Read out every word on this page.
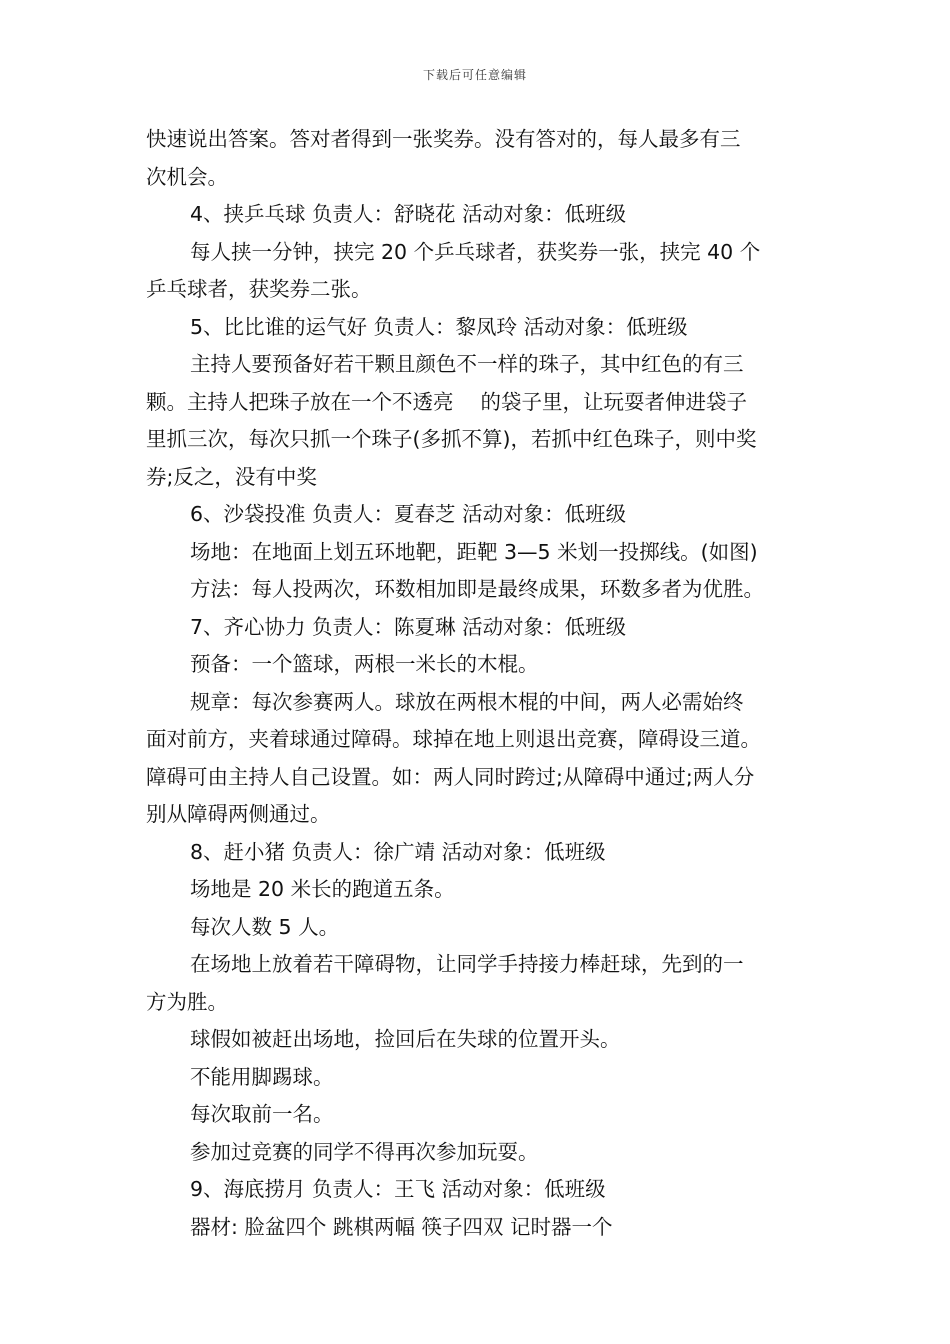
下载后可任意编辑

快速说出答案。答对者得到一张奖券。没有答对的，每人最多有三

次机会。

4、挟乒乓球 负责人：舒晓花 活动对象：低班级

每人挟一分钟，挟完 20 个乒乓球者，获奖券一张，挟完 40 个

乒乓球者，获奖券二张。

5、比比谁的运气好 负责人：黎凤玲 活动对象：低班级

主持人要预备好若干颗且颜色不一样的珠子，其中红色的有三

颗。主持人把珠子放在一个不透亮　 的袋子里，让玩耍者伸进袋子

里抓三次，每次只抓一个珠子(多抓不算)，若抓中红色珠子，则中奖

券;反之，没有中奖

6、沙袋投准 负责人：夏春芝 活动对象：低班级

场地：在地面上划五环地靶，距靶 3—5 米划一投掷线。(如图)

方法：每人投两次，环数相加即是最终成果，环数多者为优胜。

7、齐心协力 负责人：陈夏琳 活动对象：低班级

预备：一个篮球，两根一米长的木棍。

规章：每次参赛两人。球放在两根木棍的中间，两人必需始终

面对前方，夹着球通过障碍。球掉在地上则退出竞赛，障碍设三道。

障碍可由主持人自己设置。如：两人同时跨过;从障碍中通过;两人分

别从障碍两侧通过。

8、赶小猪 负责人：徐广靖 活动对象：低班级

场地是 20 米长的跑道五条。

每次人数 5 人。

在场地上放着若干障碍物，让同学手持接力棒赶球，先到的一

方为胜。

球假如被赶出场地，捡回后在失球的位置开头。

不能用脚踢球。

每次取前一名。

参加过竞赛的同学不得再次参加玩耍。

9、海底捞月 负责人：王飞 活动对象：低班级

器材: 脸盆四个 跳棋两幅 筷子四双 记时器一个
